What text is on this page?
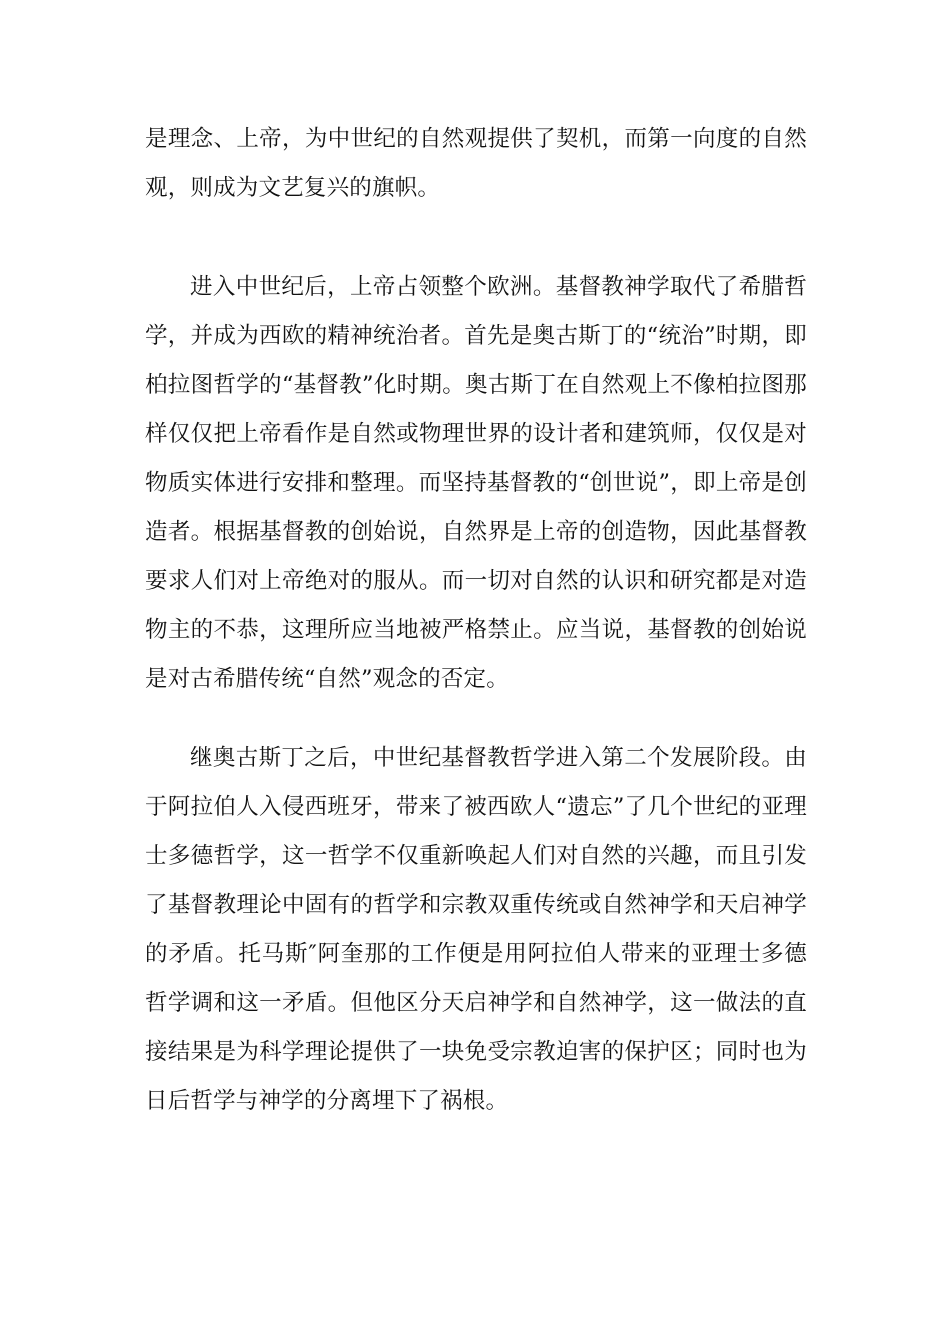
是理念、上帝，为中世纪的自然观提供了契机，而第一向度的自然观，则成为文艺复兴的旗帜。

进入中世纪后，上帝占领整个欧洲。基督教神学取代了希腊哲学，并成为西欧的精神统治者。首先是奥古斯丁的“统治”时期，即柏拉图哲学的“基督教”化时期。奥古斯丁在自然观上不像柏拉图那样仅仅把上帝看作是自然或物理世界的设计者和建筑师，仅仅是对物质实体进行安排和整理。而坚持基督教的“创世说”，即上帝是创造者。根据基督教的创始说，自然界是上帝的创造物，因此基督教要求人们对上帝绝对的服从。而一切对自然的认识和研究都是对造物主的不恭，这理所应当地被严格禁止。应当说，基督教的创始说是对古希腊传统“自然”观念的否定。

继奥古斯丁之后，中世纪基督教哲学进入第二个发展阶段。由于阿拉伯人入侵西班牙，带来了被西欧人“遗忘”了几个世纪的亚理士多德哲学，这一哲学不仅重新唤起人们对自然的兴趣，而且引发了基督教理论中固有的哲学和宗教双重传统或自然神学和天启神学的矛盾。托马斯″阿奎那的工作便是用阿拉伯人带来的亚理士多德哲学调和这一矛盾。但他区分天启神学和自然神学，这一做法的直接结果是为科学理论提供了一块免受宗教迫害的保护区；同时也为日后哲学与神学的分离埋下了祸根。
